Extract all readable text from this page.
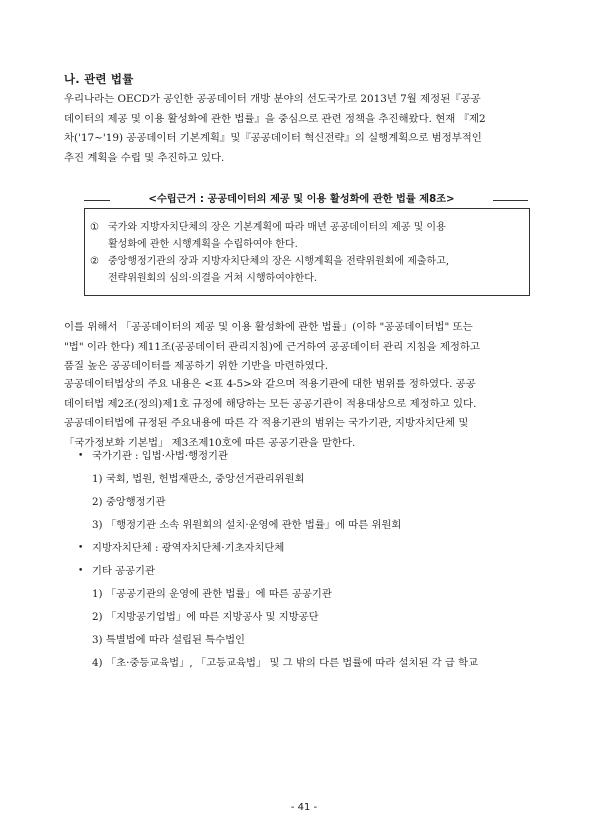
나. 관련 법률
우리나라는 OECD가 공인한 공공데이터 개방 분야의 선도국가로 2013년 7월 제정된『공공
데이터의 제공 및 이용 활성화에 관한 법률』을 중심으로 관련 정책을 추진해왔다. 현재 『제2
차('17~'19) 공공데이터 기본계획』및『공공데이터 혁신전략』의 실행계획으로 범정부적인
추진 계획을 수립 및 추진하고 있다.
<수립근거 : 공공데이터의 제공 및 이용 활성화에 관한 법률 제8조>
① 국가와 지방자치단체의 장은 기본계획에 따라 매년 공공데이터의 제공 및 이용
활성화에 관한 시행계획을 수립하여야 한다.
② 중앙행정기관의 장과 지방자치단체의 장은 시행계획을 전략위원회에 제출하고,
전략위원회의 심의·의결을 거쳐 시행하여야한다.
이를 위해서 「공공데이터의 제공 및 이용 활성화에 관한 법률」(이하 "공공데이터법" 또는
"법" 이라 한다) 제11조(공공데이터 관리지침)에 근거하여 공공데이터 관리 지침을 제정하고
품질 높은 공공데이터를 제공하기 위한 기반을 마련하였다.
공공데이터법상의 주요 내용은 <표 4-5>와 같으며 적용기관에 대한 범위를 정하였다. 공공
데이터법 제2조(정의)제1호 규정에 해당하는 모든 공공기관이 적용대상으로 제정하고 있다.
공공데이터법에 규정된 주요내용에 따른 각 적용기관의 범위는 국가기관, 지방자치단체 및
「국가정보화 기본법」 제3조제10호에 따른 공공기관을 말한다.
• 국가기관 : 입법·사법·행정기관
1) 국회, 법원, 헌법재판소, 중앙선거관리위원회
2) 중앙행정기관
3) 「행정기관 소속 위원회의 설치·운영에 관한 법률」에 따른 위원회
• 지방자치단체 : 광역자치단체·기초자치단체
• 기타 공공기관
1) 「공공기관의 운영에 관한 법률」에 따른 공공기관
2) 「지방공기업법」에 따른 지방공사 및 지방공단
3) 특별법에 따라 설립된 특수법인
4) 「초·중등교육법」, 「고등교육법」 및 그 밖의 다른 법률에 따라 설치된 각 급 학교
- 41 -
